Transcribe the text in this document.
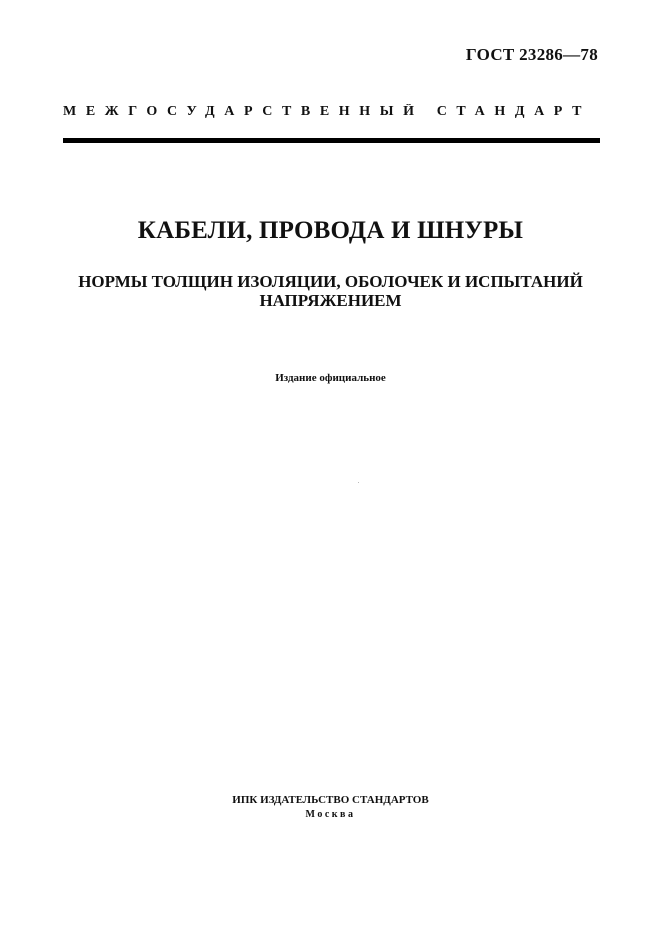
ГОСТ 23286—78
МЕЖГОСУДАРСТВЕННЫЙ СТАНДАРТ
КАБЕЛИ, ПРОВОДА И ШНУРЫ
НОРМЫ ТОЛЩИН ИЗОЛЯЦИИ, ОБОЛОЧЕК И ИСПЫТАНИЙ
НАПРЯЖЕНИЕМ
Издание официальное
ИПК ИЗДАТЕЛЬСТВО СТАНДАРТОВ
Москва
